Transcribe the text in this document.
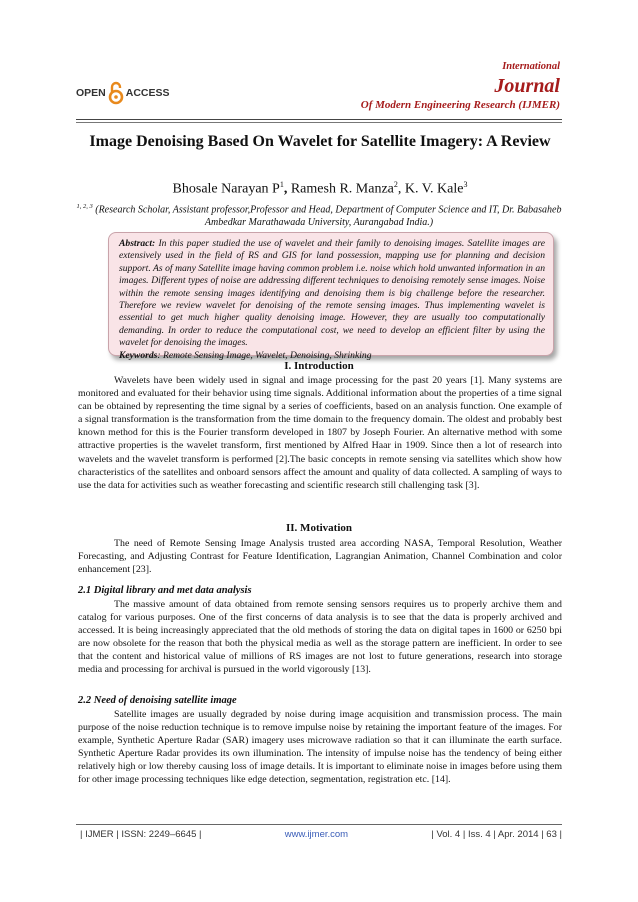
OPEN ACCESS
International
Journal
Of Modern Engineering Research (IJMER)
Image Denoising Based On Wavelet for Satellite Imagery: A Review
Bhosale Narayan $P^1$, Ramesh R. Manza$^2$, K. V. Kale$^3$
$^{1, 2, 3}$ (Research Scholar, Assistant professor,Professor and Head, Department of Computer Science and IT, Dr. Babasaheb Ambedkar Marathawada University, Aurangabad India.)
Abstract: In this paper studied the use of wavelet and their family to denoising images. Satellite images are extensively used in the field of RS and GIS for land possession, mapping use for planning and decision support. As of many Satellite image having common problem i.e. noise which hold unwanted information in an images. Different types of noise are addressing different techniques to denoising remotely sense images. Noise within the remote sensing images identifying and denoising them is big challenge before the researcher. Therefore we review wavelet for denoising of the remote sensing images. Thus implementing wavelet is essential to get much higher quality denoising image. However, they are usually too computationally demanding. In order to reduce the computational cost, we need to develop an efficient filter by using the wavelet for denoising the images.
Keywords: Remote Sensing Image, Wavelet, Denoising, Shrinking
I. Introduction
Wavelets have been widely used in signal and image processing for the past 20 years [1]. Many systems are monitored and evaluated for their behavior using time signals. Additional information about the properties of a time signal can be obtained by representing the time signal by a series of coefficients, based on an analysis function. One example of a signal transformation is the transformation from the time domain to the frequency domain. The oldest and probably best known method for this is the Fourier transform developed in 1807 by Joseph Fourier. An alternative method with some attractive properties is the wavelet transform, first mentioned by Alfred Haar in 1909. Since then a lot of research into wavelets and the wavelet transform is performed [2].The basic concepts in remote sensing via satellites which show how characteristics of the satellites and onboard sensors affect the amount and quality of data collected. A sampling of ways to use the data for activities such as weather forecasting and scientific research still challenging task [3].
II. Motivation
The need of Remote Sensing Image Analysis trusted area according NASA, Temporal Resolution, Weather Forecasting, and Adjusting Contrast for Feature Identification, Lagrangian Animation, Channel Combination and color enhancement [23].
2.1 Digital library and met data analysis
The massive amount of data obtained from remote sensing sensors requires us to properly archive them and catalog for various purposes. One of the first concerns of data analysis is to see that the data is properly archived and accessed. It is being increasingly appreciated that the old methods of storing the data on digital tapes in 1600 or 6250 bpi are now obsolete for the reason that both the physical media as well as the storage pattern are inefficient. In order to see that the content and historical value of millions of RS images are not lost to future generations, research into storage media and processing for archival is pursued in the world vigorously [13].
2.2 Need of denoising satellite image
Satellite images are usually degraded by noise during image acquisition and transmission process. The main purpose of the noise reduction technique is to remove impulse noise by retaining the important feature of the images. For example, Synthetic Aperture Radar (SAR) imagery uses microwave radiation so that it can illuminate the earth surface. Synthetic Aperture Radar provides its own illumination. The intensity of impulse noise has the tendency of being either relatively high or low thereby causing loss of image details. It is important to eliminate noise in images before using them for other image processing techniques like edge detection, segmentation, registration etc. [14].
| IJMER | ISSN: 2249–6645 |	www.ijmer.com	| Vol. 4 | Iss. 4 | Apr. 2014 | 63 |
